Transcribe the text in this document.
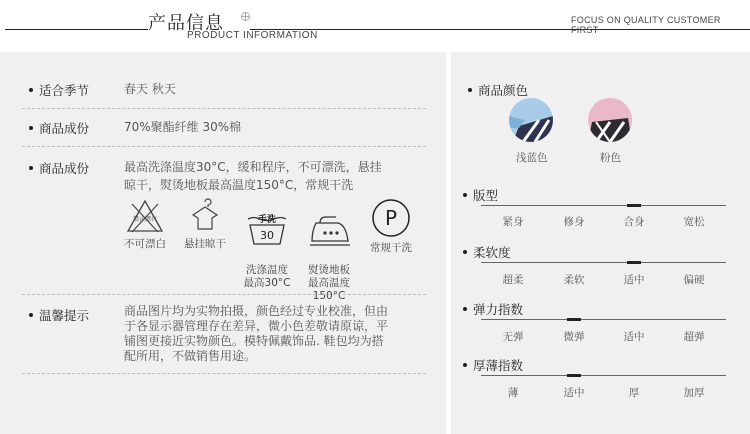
产品信息
PRODUCT INFORMATION
FOCUS ON QUALITY CUSTOMER FIRST
适合季节	春天 秋天
商品成份	70%聚酯纤维 30%棉
商品成份	最高洗涤温度30°C，缓和程序，不可漂洗，悬挂
晾干，熨烫地板最高温度150°C，常规干洗
禁止漂白
不可漂白	悬挂晾干

手洗
30

洗涤温度
最高30°C

熨烫地板
最高温度
150°C

P
常规干洗
温馨提示	商品图片均为实物拍摄，颜色经过专业校准，但由于各显示器管理存在差异，微小色差敬请原谅，平铺图更接近实物颜色。模特佩戴饰品. 鞋包均为搭配所用，不做销售用途。
商品颜色
浅蓝色	粉色
版型
紧身	修身	合身	宽松
柔软度
超柔	柔软	适中	偏硬
弹力指数
无弹	微弹	适中	超弹
厚薄指数
薄	适中	厚	加厚
